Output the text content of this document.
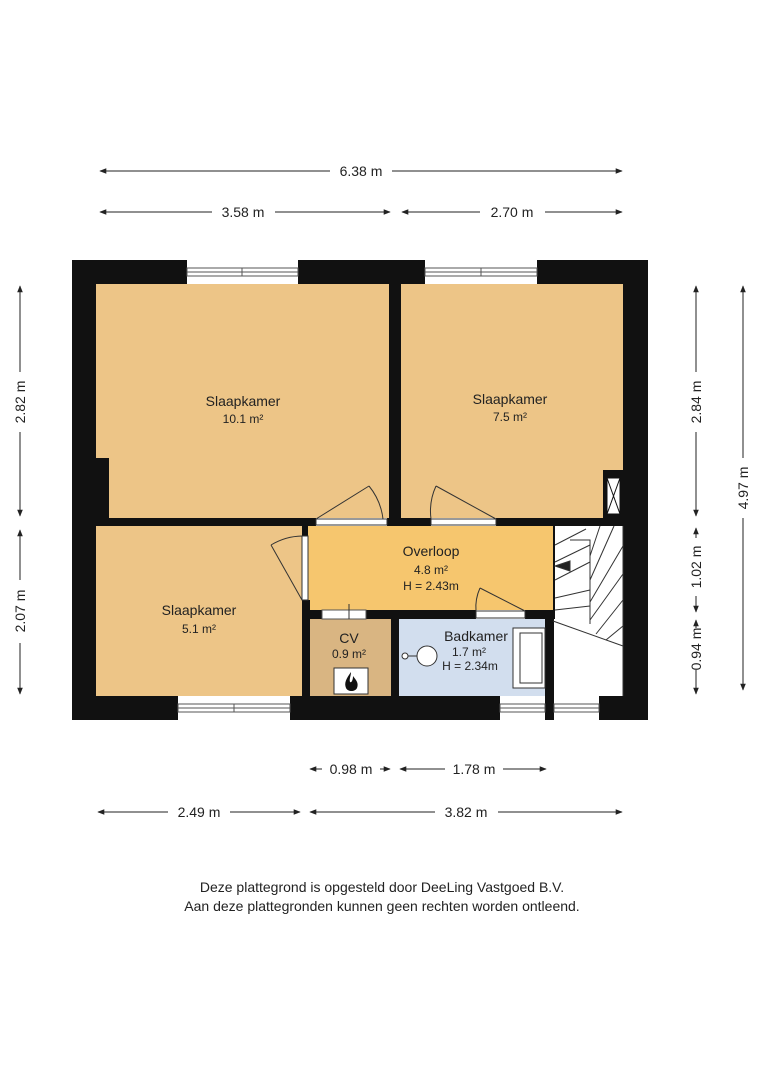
Slaapkamer
10.1 m²
Slaapkamer
7.5 m²
Slaapkamer
5.1 m²
Overloop
4.8 m²
H = 2.43m
CV
0.9 m²
Badkamer
1.7 m²
H = 2.34m
6.38 m
3.58 m	2.70 m
2.82 m
2.07 m
2.84 m
1.02 m
0.94 m
4.97 m
0.98 m	1.78 m
2.49 m	3.82 m
Deze plattegrond is opgesteld door DeeLing Vastgoed B.V.
Aan deze plattegronden kunnen geen rechten worden ontleend.
